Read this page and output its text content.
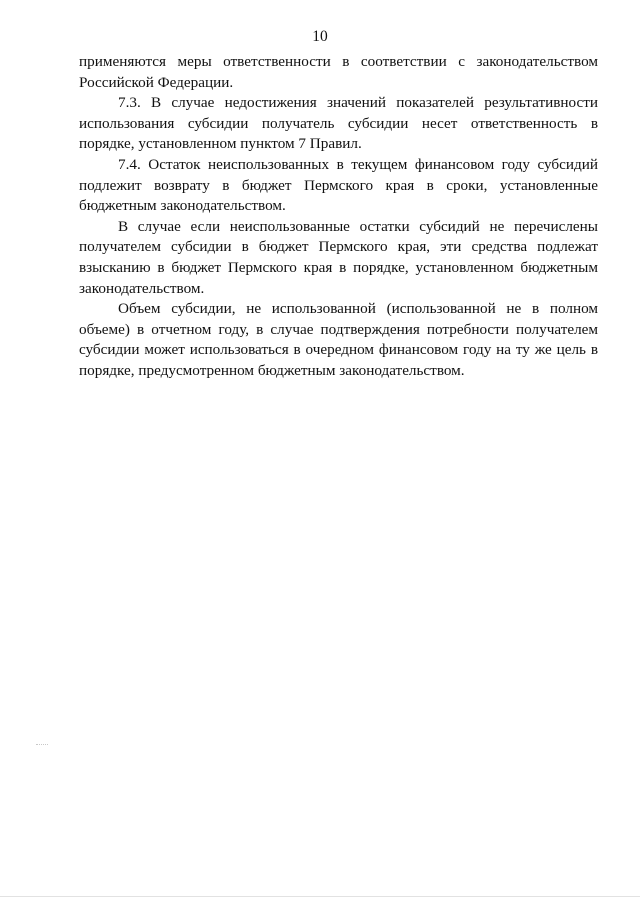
10

применяются меры ответственности в соответствии с законодательством Российской Федерации.

7.3. В случае недостижения значений показателей результативности использования субсидии получатель субсидии несет ответственность в порядке, установленном пунктом 7 Правил.

7.4. Остаток неиспользованных в текущем финансовом году субсидий подлежит возврату в бюджет Пермского края в сроки, установленные бюджетным законодательством.

В случае если неиспользованные остатки субсидий не перечислены получателем субсидии в бюджет Пермского края, эти средства подлежат взысканию в бюджет Пермского края в порядке, установленном бюджетным законодательством.

Объем субсидии, не использованной (использованной не в полном объеме) в отчетном году, в случае подтверждения потребности получателем субсидии может использоваться в очередном финансовом году на ту же цель в порядке, предусмотренном бюджетным законодательством.
